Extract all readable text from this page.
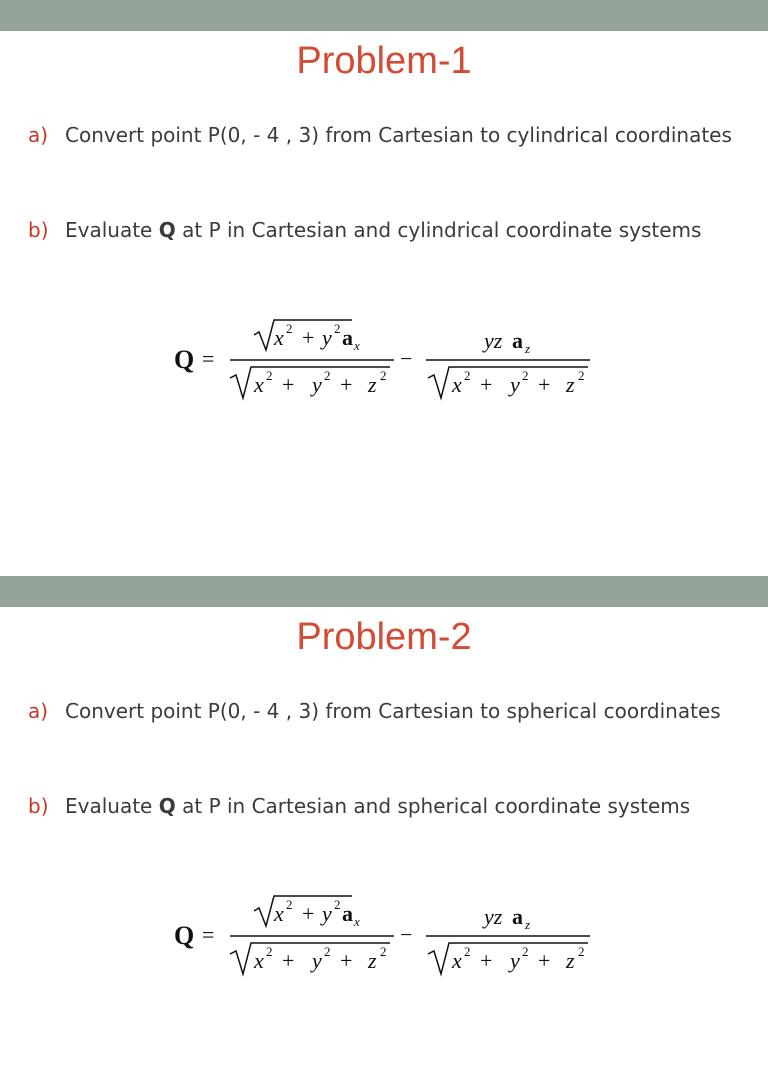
Problem-1
a) Convert point P(0, - 4 , 3) from Cartesian to cylindrical coordinates
b) Evaluate Q at P in Cartesian and cylindrical coordinate systems
Q =
x 2 + y 2 a x
x 2 + y 2 + z 2
−
yz a z
x 2 + y 2 + z 2
Problem-2
a) Convert point P(0, - 4 , 3) from Cartesian to spherical coordinates
b) Evaluate Q at P in Cartesian and spherical coordinate systems
Q =
x 2 + y 2 a x
x 2 + y 2 + z 2
−
yz a z
x 2 + y 2 + z 2
